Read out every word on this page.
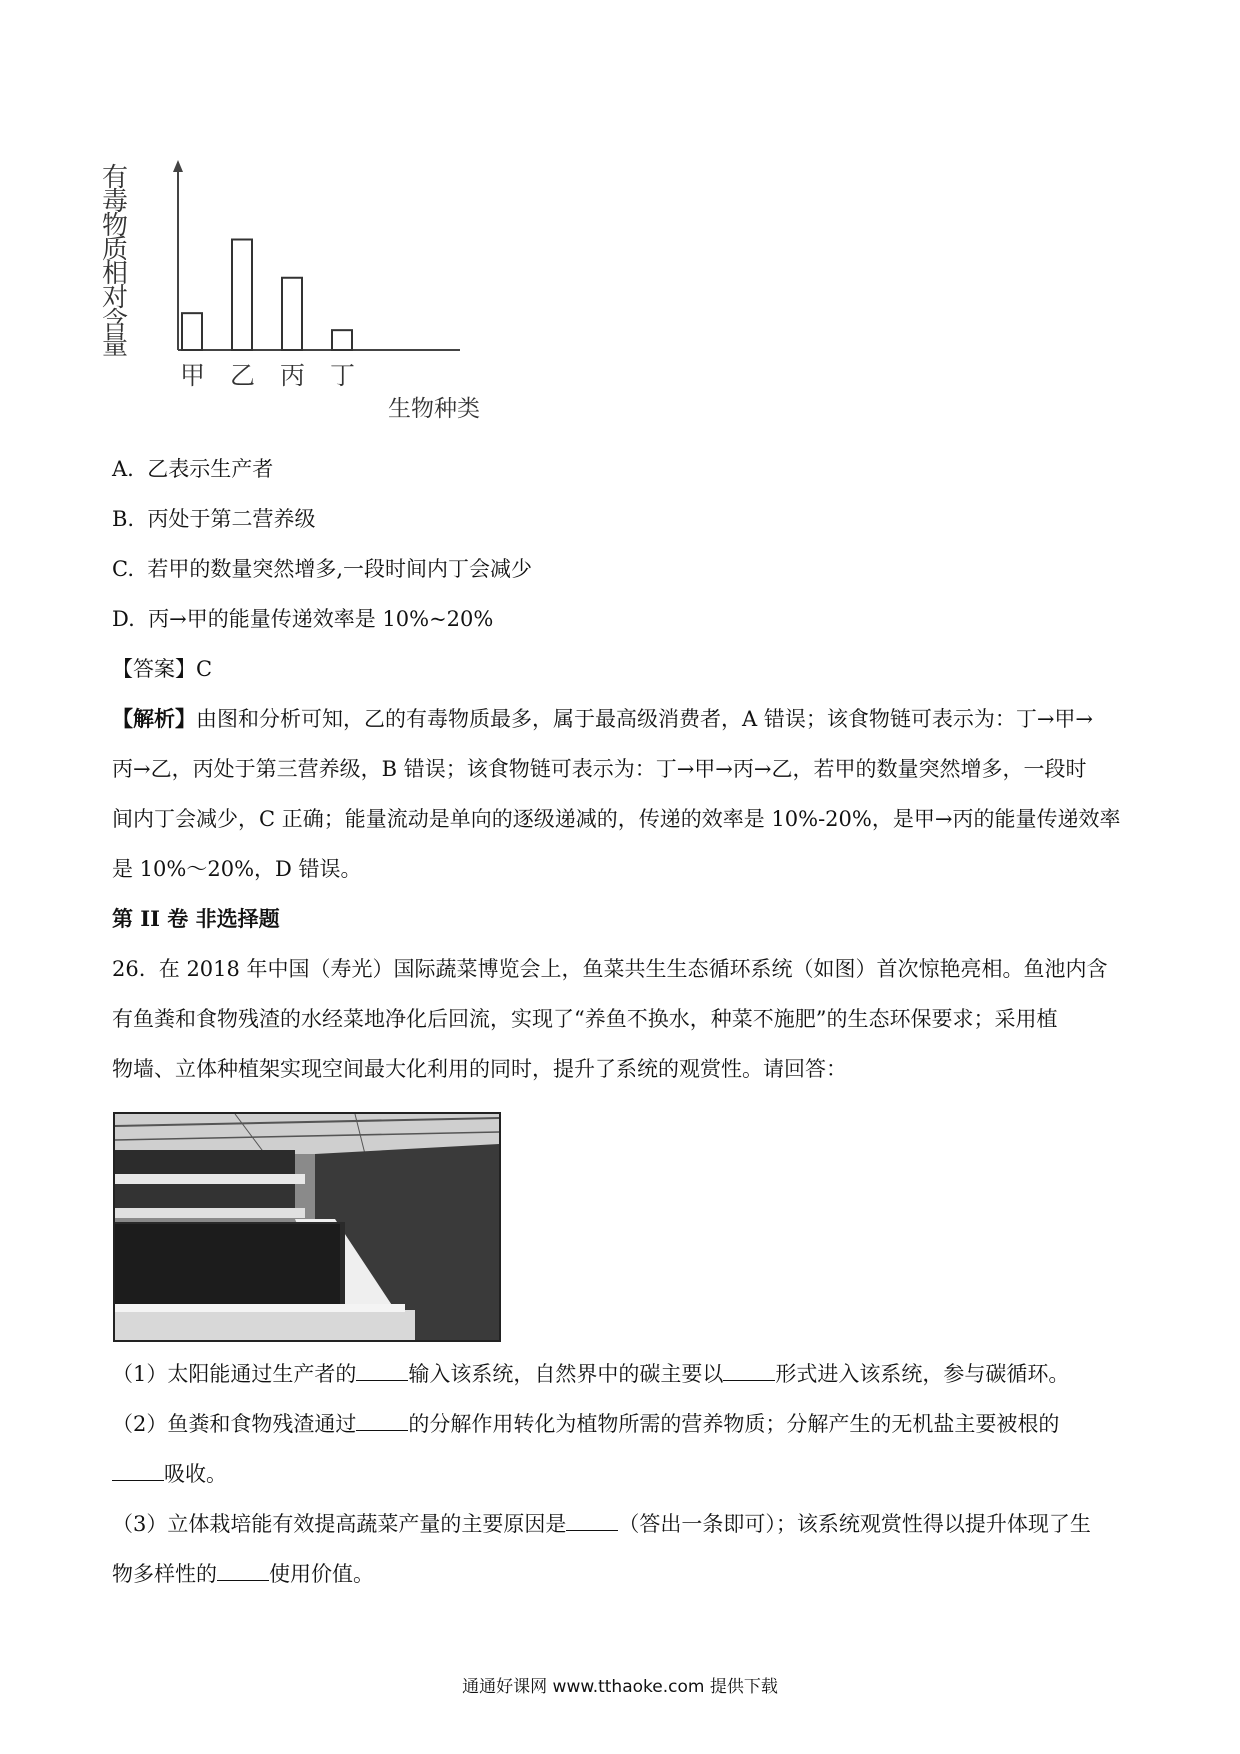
有
毒
物
质
相
对
含
量
甲 乙 丙 丁
生物种类
A. 乙表示生产者
B. 丙处于第二营养级
C. 若甲的数量突然增多,一段时间内丁会减少
D. 丙→甲的能量传递效率是 10%~20%
【答案】C
【解析】由图和分析可知，乙的有毒物质最多，属于最高级消费者，A 错误；该食物链可表示为：丁→甲→
丙→乙，丙处于第三营养级，B 错误；该食物链可表示为：丁→甲→丙→乙，若甲的数量突然增多，一段时
间内丁会减少，C 正确；能量流动是单向的逐级递减的，传递的效率是 10%-20%，是甲→丙的能量传递效率
是 10%～20%，D 错误。
第 II 卷 非选择题
26. 在 2018 年中国（寿光）国际蔬菜博览会上，鱼菜共生生态循环系统（如图）首次惊艳亮相。鱼池内含
有鱼粪和食物残渣的水经菜地净化后回流，实现了“养鱼不换水，种菜不施肥”的生态环保要求；采用植
物墙、立体种植架实现空间最大化利用的同时，提升了系统的观赏性。请回答：
（1）太阳能通过生产者的 输入该系统，自然界中的碳主要以 形式进入该系统，参与碳循环。
（2）鱼粪和食物残渣通过 的分解作用转化为植物所需的营养物质；分解产生的无机盐主要被根的
吸收。
（3）立体栽培能有效提高蔬菜产量的主要原因是 （答出一条即可）；该系统观赏性得以提升体现了生
物多样性的 使用价值。
通通好课网 www.tthaoke.com 提供下载
